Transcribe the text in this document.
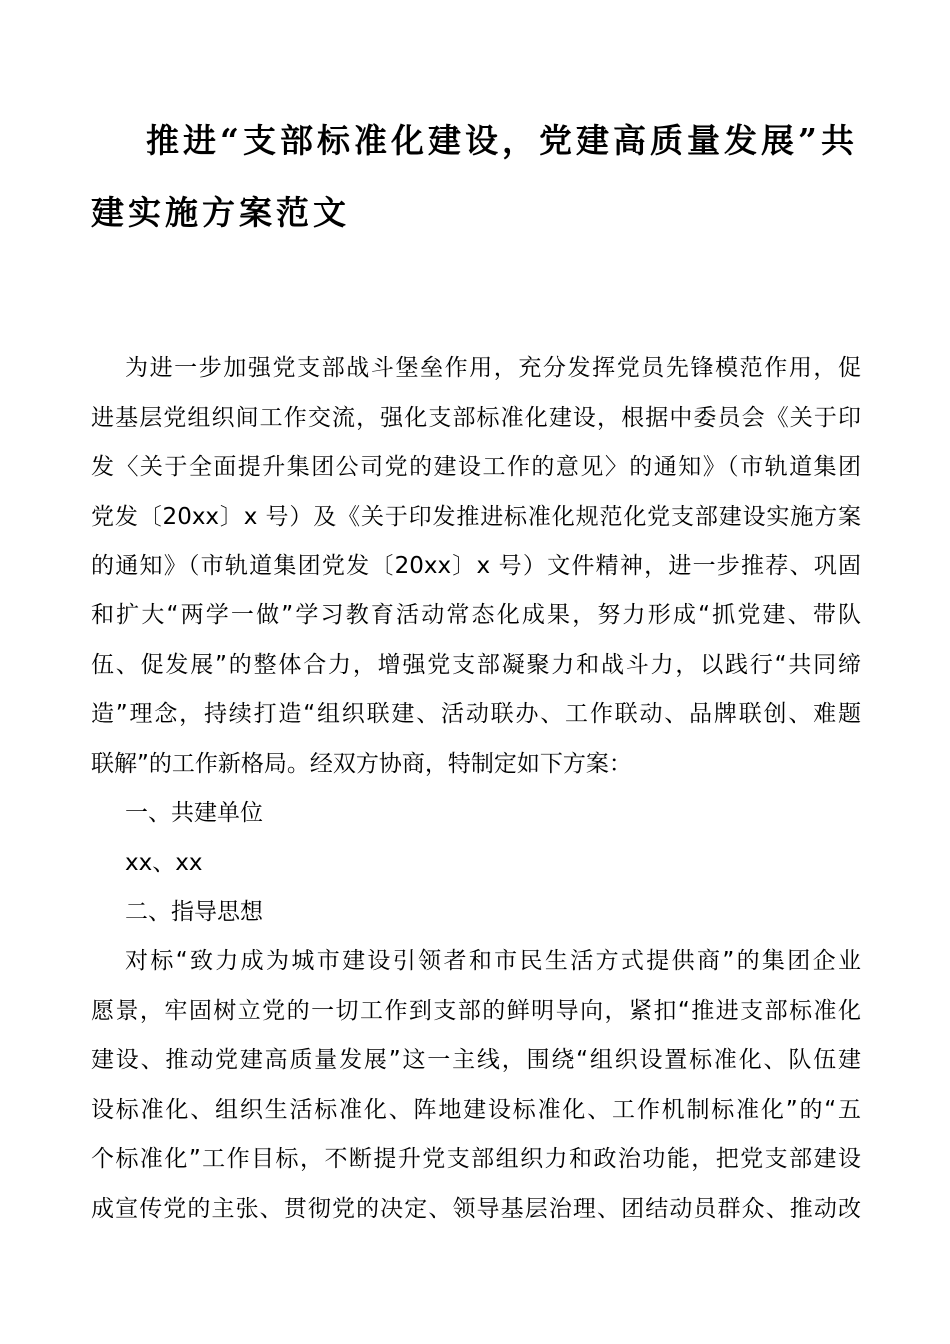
推进“支部标准化建设，党建高质量发展”共
建实施方案范文

为进一步加强党支部战斗堡垒作用，充分发挥党员先锋模范作用，促

进基层党组织间工作交流，强化支部标准化建设，根据中委员会《关于印

发〈关于全面提升集团公司党的建设工作的意见〉的通知》（市轨道集团

党发〔20xx〕x 号）及《关于印发推进标准化规范化党支部建设实施方案

的通知》（市轨道集团党发〔20xx〕x 号）文件精神，进一步推荐、巩固

和扩大“两学一做”学习教育活动常态化成果，努力形成“抓党建、带队

伍、促发展”的整体合力，增强党支部凝聚力和战斗力，以践行“共同缔

造”理念，持续打造“组织联建、活动联办、工作联动、品牌联创、难题

联解”的工作新格局。经双方协商，特制定如下方案：

一、共建单位

xx、xx

二、指导思想

对标“致力成为城市建设引领者和市民生活方式提供商”的集团企业

愿景，牢固树立党的一切工作到支部的鲜明导向，紧扣“推进支部标准化

建设、推动党建高质量发展”这一主线，围绕“组织设置标准化、队伍建

设标准化、组织生活标准化、阵地建设标准化、工作机制标准化”的“五

个标准化”工作目标，不断提升党支部组织力和政治功能，把党支部建设

成宣传党的主张、贯彻党的决定、领导基层治理、团结动员群众、推动改
